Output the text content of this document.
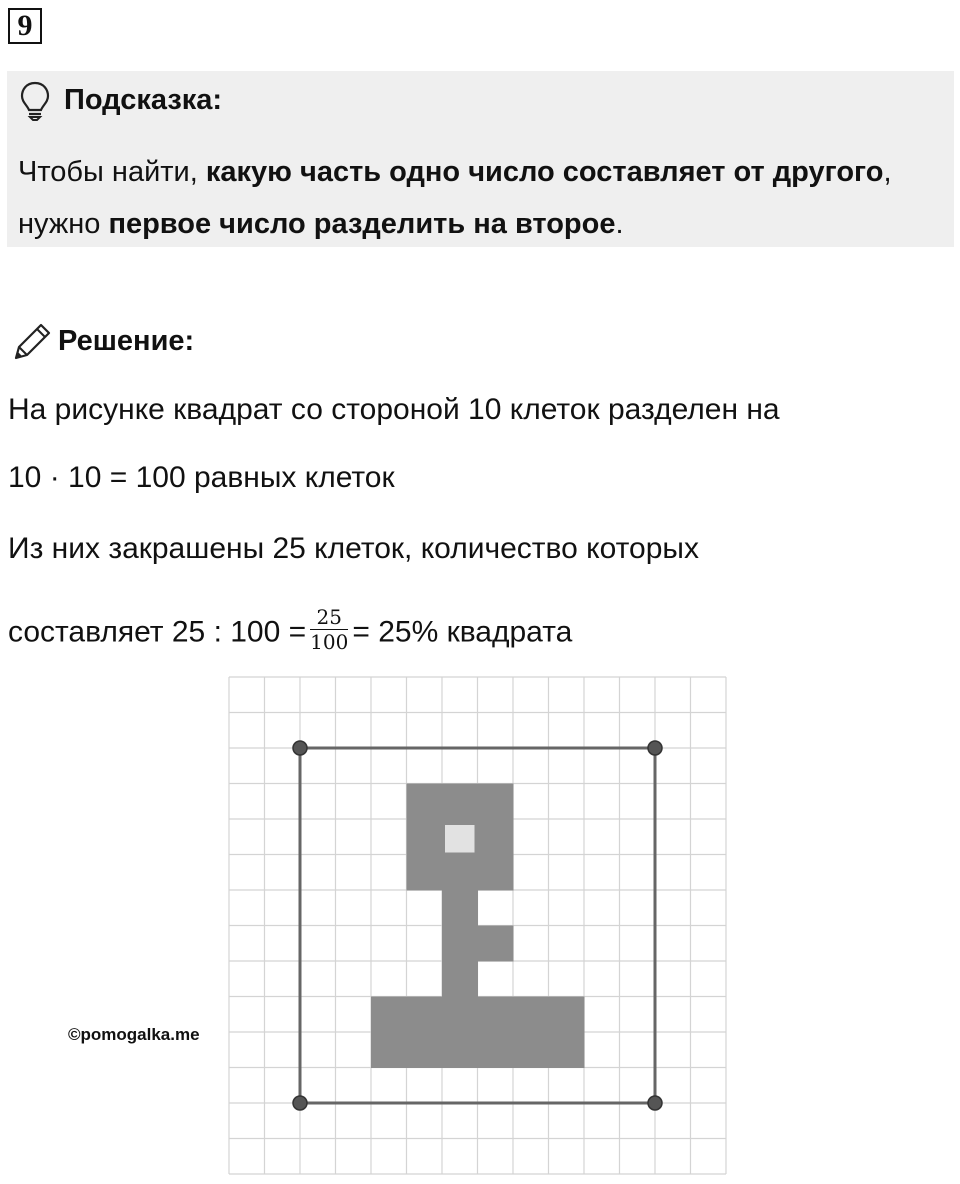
9
Подсказка:
Чтобы найти, какую часть одно число составляет от другого, нужно первое число разделить на второе.
Решение:
На рисунке квадрат со стороной 10 клеток разделен на
10 · 10 = 100 равных клеток
Из них закрашены 25 клеток, количество которых
составляет 25 : $100 = \frac{25}{100} = 25\%$ квадрата
©pomogalka.me
